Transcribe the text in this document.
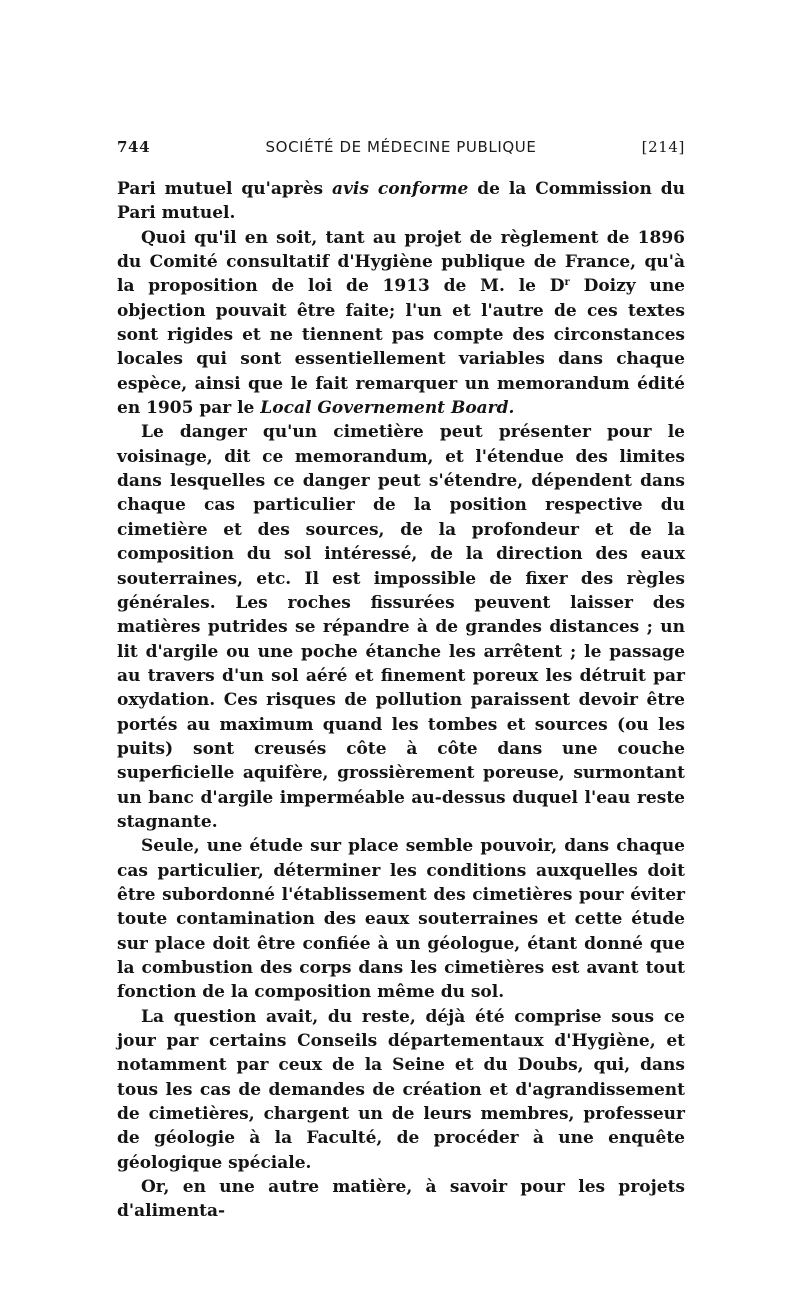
744	SOCIÉTÉ DE MÉDECINE PUBLIQUE	[214]

Pari mutuel qu'après avis conforme de la Commission du Pari mutuel.

Quoi qu'il en soit, tant au projet de règlement de 1896 du Comité consultatif d'Hygiène publique de France, qu'à la proposition de loi de 1913 de M. le $D^r$ Doizy une objection pouvait être faite; l'un et l'autre de ces textes sont rigides et ne tiennent pas compte des circonstances locales qui sont essentiellement variables dans chaque espèce, ainsi que le fait remarquer un memorandum édité en 1905 par le Local Governement Board.

Le danger qu'un cimetière peut présenter pour le voisinage, dit ce memorandum, et l'étendue des limites dans lesquelles ce danger peut s'étendre, dépendent dans chaque cas particulier de la position respective du cimetière et des sources, de la profondeur et de la composition du sol intéressé, de la direction des eaux souterraines, etc. Il est impossible de fixer des règles générales. Les roches fissurées peuvent laisser des matières putrides se répandre à de grandes distances ; un lit d'argile ou une poche étanche les arrêtent ; le passage au travers d'un sol aéré et finement poreux les détruit par oxydation. Ces risques de pollution paraissent devoir être portés au maximum quand les tombes et sources (ou les puits) sont creusés côte à côte dans une couche superficielle aquifère, grossièrement poreuse, surmontant un banc d'argile imperméable au-dessus duquel l'eau reste stagnante.

Seule, une étude sur place semble pouvoir, dans chaque cas particulier, déterminer les conditions auxquelles doit être subordonné l'établissement des cimetières pour éviter toute contamination des eaux souterraines et cette étude sur place doit être confiée à un géologue, étant donné que la combustion des corps dans les cimetières est avant tout fonction de la composition même du sol.

La question avait, du reste, déjà été comprise sous ce jour par certains Conseils départementaux d'Hygiène, et notamment par ceux de la Seine et du Doubs, qui, dans tous les cas de demandes de création et d'agrandissement de cimetières, chargent un de leurs membres, professeur de géologie à la Faculté, de procéder à une enquête géologique spéciale.

Or, en une autre matière, à savoir pour les projets d'alimenta-
